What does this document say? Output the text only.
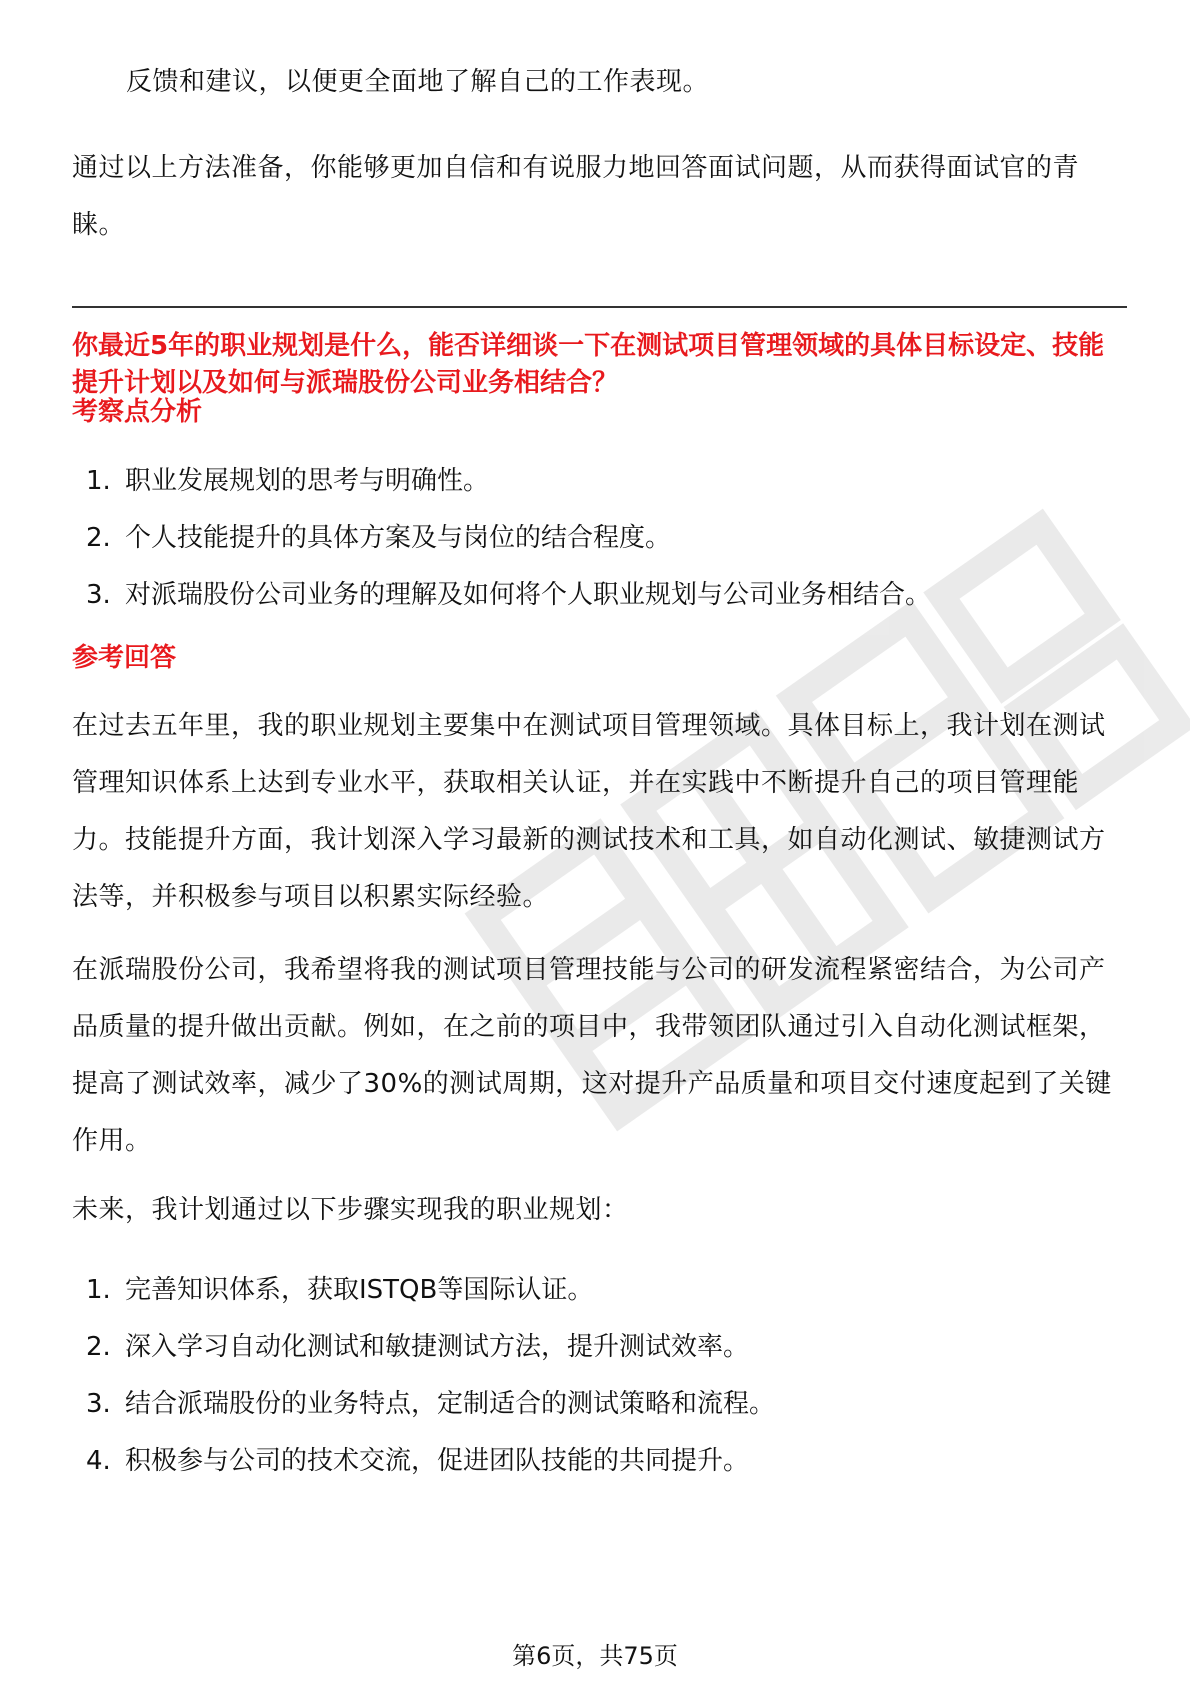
反馈和建议，以便更全面地了解自己的工作表现。

通过以上方法准备，你能够更加自信和有说服力地回答面试问题，从而获得面试官的青睐。

你最近5年的职业规划是什么，能否详细谈一下在测试项目管理领域的具体目标设定、技能提升计划以及如何与派瑞股份公司业务相结合？

考察点分析

1. 职业发展规划的思考与明确性。
2. 个人技能提升的具体方案及与岗位的结合程度。
3. 对派瑞股份公司业务的理解及如何将个人职业规划与公司业务相结合。

参考回答

在过去五年里，我的职业规划主要集中在测试项目管理领域。具体目标上，我计划在测试管理知识体系上达到专业水平，获取相关认证，并在实践中不断提升自己的项目管理能力。技能提升方面，我计划深入学习最新的测试技术和工具，如自动化测试、敏捷测试方法等，并积极参与项目以积累实际经验。

在派瑞股份公司，我希望将我的测试项目管理技能与公司的研发流程紧密结合，为公司产品质量的提升做出贡献。例如，在之前的项目中，我带领团队通过引入自动化测试框架，提高了测试效率，减少了30%的测试周期，这对提升产品质量和项目交付速度起到了关键作用。

未来，我计划通过以下步骤实现我的职业规划：

1. 完善知识体系，获取ISTQB等国际认证。
2. 深入学习自动化测试和敏捷测试方法，提升测试效率。
3. 结合派瑞股份的业务特点，定制适合的测试策略和流程。
4. 积极参与公司的技术交流，促进团队技能的共同提升。
第6页，共75页
